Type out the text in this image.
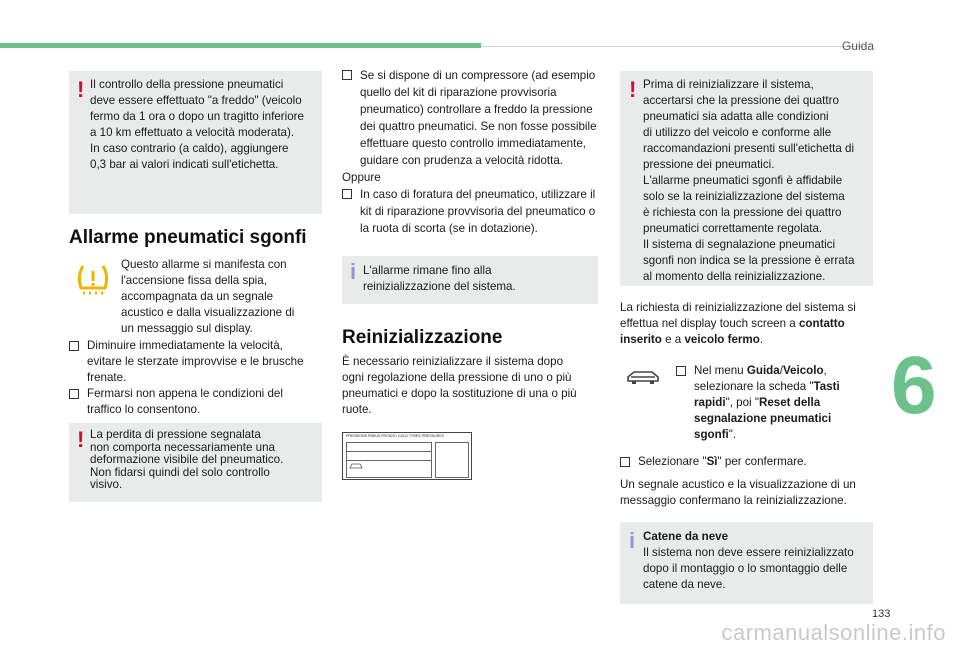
Guida
6
133
! Il controllo della pressione pneumatici
deve essere effettuato "a freddo" (veicolo
fermo da 1 ora o dopo un tragitto inferiore
a 10 km effettuato a velocità moderata).
In caso contrario (a caldo), aggiungere
0,3 bar ai valori indicati sull'etichetta.
Allarme pneumatici sgonfi
Questo allarme si manifesta con
l'accensione fissa della spia,
accompagnata da un segnale
acustico e dalla visualizzazione di
un messaggio sul display.
Diminuire immediatamente la velocità,
evitare le sterzate improvvise e le brusche
frenate.
Fermarsi non appena le condizioni del
traffico lo consentono.
! La perdita di pressione segnalata
non comporta necessariamente una
deformazione visibile del pneumatico.
Non fidarsi quindi del solo controllo
visivo.
Se si dispone di un compressore (ad esempio
quello del kit di riparazione provvisoria
pneumatico) controllare a freddo la pressione
dei quattro pneumatici. Se non fosse possibile
effettuare questo controllo immediatamente,
guidare con prudenza a velocità ridotta.
Oppure
In caso di foratura del pneumatico, utilizzare il
kit di riparazione provvisoria del pneumatico o
la ruota di scorta (se in dotazione).
i L'allarme rimane fino alla
reinizializzazione del sistema.
Reinizializzazione
È necessario reinizializzare il sistema dopo
ogni regolazione della pressione di uno o più
pneumatici e dopo la sostituzione di una o più
ruote.
PRESSIONS PNEUS FROIDS / COLD TYRES PRESSURES
! Prima di reinizializzare il sistema,
accertarsi che la pressione dei quattro
pneumatici sia adatta alle condizioni
di utilizzo del veicolo e conforme alle
raccomandazioni presenti sull'etichetta di
pressione dei pneumatici.
L'allarme pneumatici sgonfi è affidabile
solo se la reinizializzazione del sistema
è richiesta con la pressione dei quattro
pneumatici correttamente regolata.
Il sistema di segnalazione pneumatici
sgonfi non indica se la pressione è errata
al momento della reinizializzazione.
La richiesta di reinizializzazione del sistema si
effettua nel display touch screen a contatto
inserito e a veicolo fermo.
Nel menu Guida/Veicolo,
selezionare la scheda "Tasti
rapidi", poi "Reset della
segnalazione pneumatici
sgonfi".
Selezionare "Sì" per confermare.
Un segnale acustico e la visualizzazione di un
messaggio confermano la reinizializzazione.
i Catene da neve
Il sistema non deve essere reinizializzato
dopo il montaggio o lo smontaggio delle
catene da neve.
carmanualsonline.info
